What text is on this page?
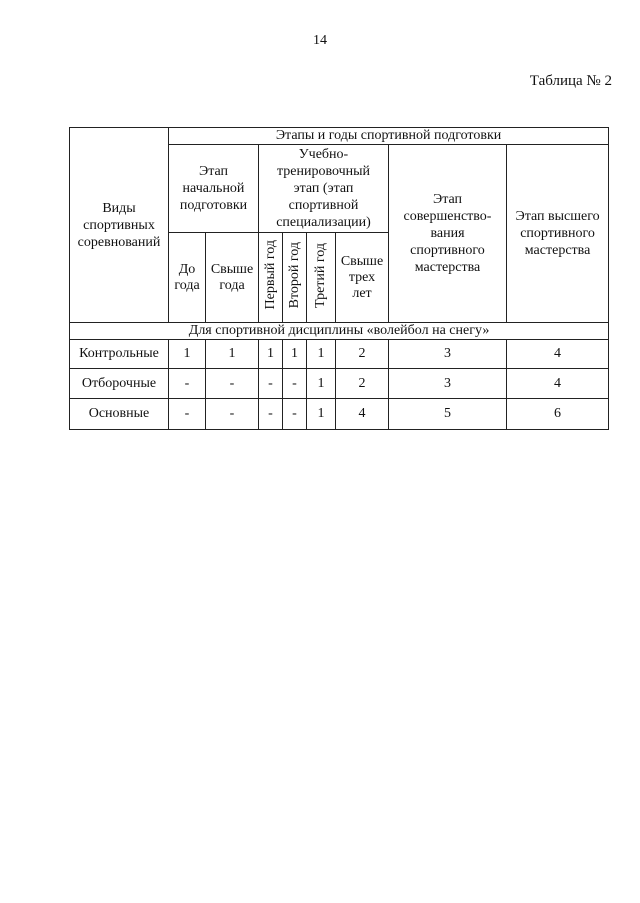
14
Таблица № 2
Виды спортивных соревнований	Этапы и годы спортивной подготовки							

	Этап начальной подготовки		Учебно-тренировочный этап (этап спортивной специализации)				Этап совершенство-вания спортивного мастерства	Этап высшего спортивного мастерства

	До года	Свыше года	Первый год	Второй год	Третий год	Свыше трех лет		

Для спортивной дисциплины «волейбол на снегу»								
Контрольные	1	1	1	1	1	2	3	4
Отборочные	-	-	-	-	1	2	3	4
Основные	-	-	-	-	1	4	5	6
